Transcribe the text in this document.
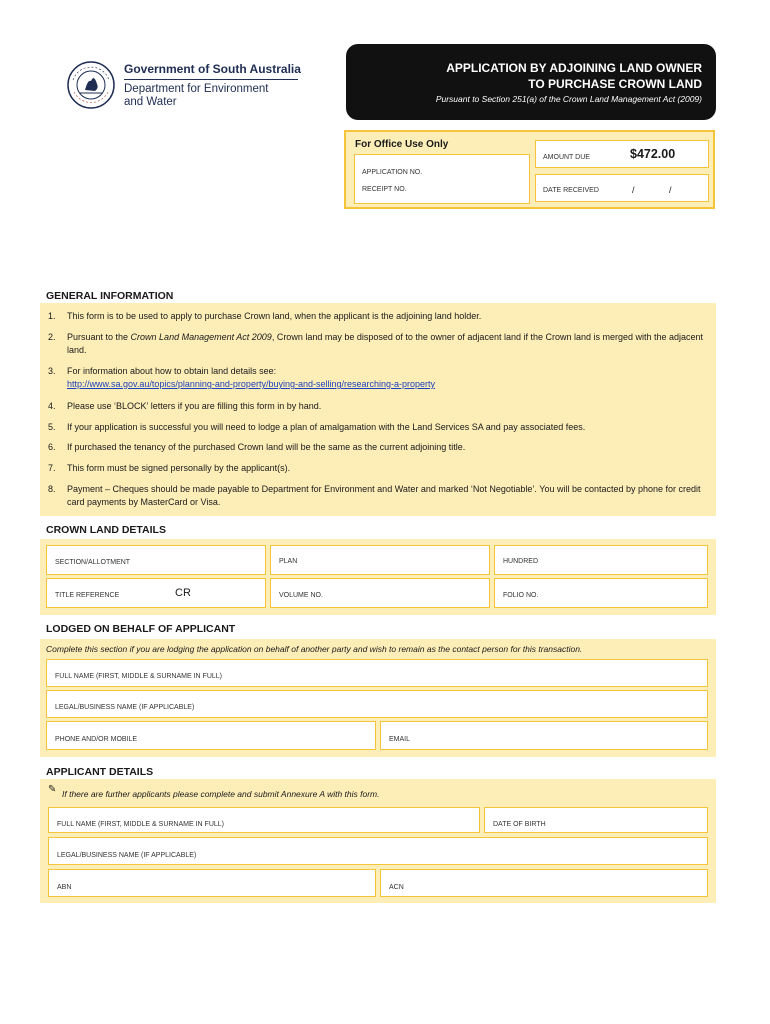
Government of South Australia
Department for Environment
and Water
APPLICATION BY ADJOINING LAND OWNER
TO PURCHASE CROWN LAND
Pursuant to Section 251(a) of the Crown Land Management Act (2009)
For Office Use Only
APPLICATION NO.
RECEIPT NO.
AMOUNT DUE	$472.00
DATE RECEIVED	/	/
GENERAL INFORMATION
1. This form is to be used to apply to purchase Crown land, when the applicant is the adjoining land holder.
2. Pursuant to the Crown Land Management Act 2009, Crown land may be disposed of to the owner of adjacent land if the Crown land is merged with the adjacent land.
3. For information about how to obtain land details see:
http://www.sa.gov.au/topics/planning-and-property/buying-and-selling/researching-a-property
4. Please use ‘BLOCK’ letters if you are filling this form in by hand.
5. If your application is successful you will need to lodge a plan of amalgamation with the Land Services SA and pay associated fees.
6. If purchased the tenancy of the purchased Crown land will be the same as the current adjoining title.
7. This form must be signed personally by the applicant(s).
8. Payment – Cheques should be made payable to Department for Environment and Water and marked ‘Not Negotiable’. You will be contacted by phone for credit card payments by MasterCard or Visa.
CROWN LAND DETAILS
SECTION/ALLOTMENT	PLAN	HUNDRED
TITLE REFERENCE	CR	VOLUME NO.	FOLIO NO.
LODGED ON BEHALF OF APPLICANT
Complete this section if you are lodging the application on behalf of another party and wish to remain as the contact person for this transaction.
FULL NAME (FIRST, MIDDLE & SURNAME IN FULL)
LEGAL/BUSINESS NAME (IF APPLICABLE)
PHONE AND/OR MOBILE	EMAIL
APPLICANT DETAILS
✎ If there are further applicants please complete and submit Annexure A with this form.
FULL NAME (FIRST, MIDDLE & SURNAME IN FULL)	DATE OF BIRTH
LEGAL/BUSINESS NAME (IF APPLICABLE)
ABN	ACN
